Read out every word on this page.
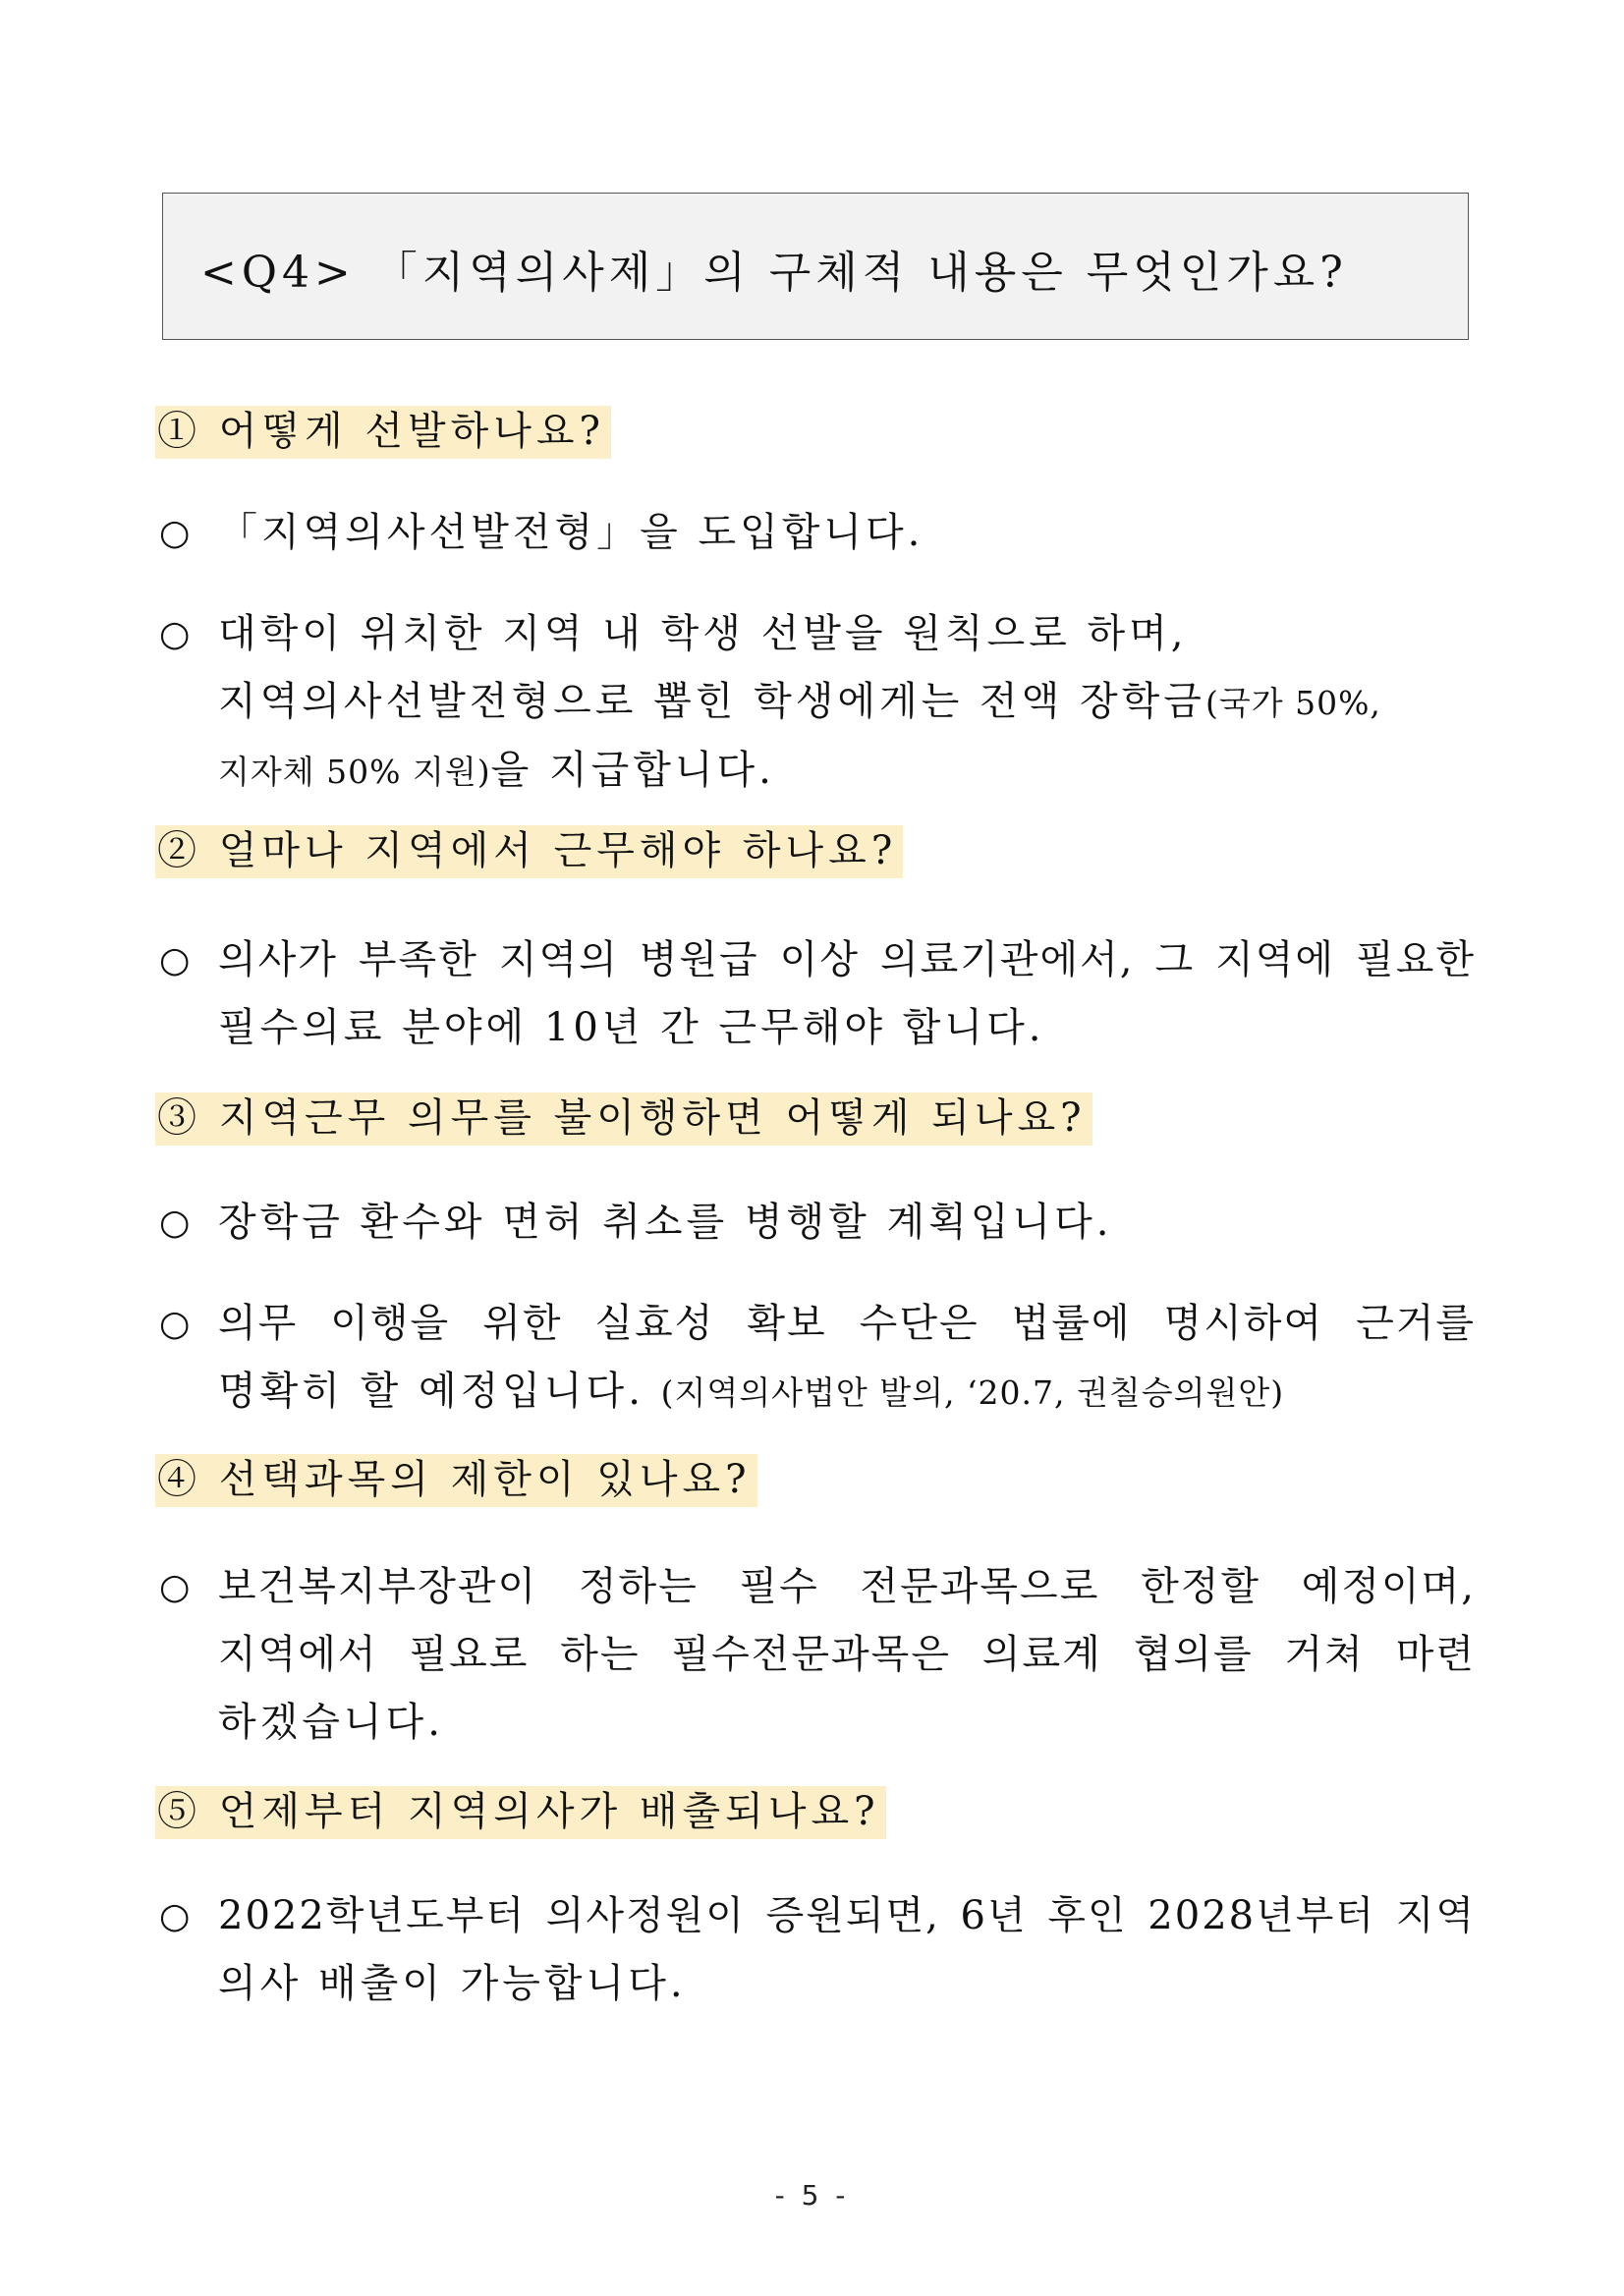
<Q4> 「지역의사제」의 구체적 내용은 무엇인가요?
① 어떻게 선발하나요?
○ 「지역의사선발전형」을 도입합니다.
○ 대학이 위치한 지역 내 학생 선발을 원칙으로 하며,
지역의사선발전형으로 뽑힌 학생에게는 전액 장학금(국가 50%,
지자체 50% 지원)을 지급합니다.
② 얼마나 지역에서 근무해야 하나요?
○ 의사가 부족한 지역의 병원급 이상 의료기관에서, 그 지역에 필요한
필수의료 분야에 10년 간 근무해야 합니다.
③ 지역근무 의무를 불이행하면 어떻게 되나요?
○ 장학금 환수와 면허 취소를 병행할 계획입니다.
○ 의무 이행을 위한 실효성 확보 수단은 법률에 명시하여 근거를
명확히 할 예정입니다. (지역의사법안 발의, ‘20.7, 권칠승의원안)
④ 선택과목의 제한이 있나요?
○ 보건복지부장관이 정하는 필수 전문과목으로 한정할 예정이며,
지역에서 필요로 하는 필수전문과목은 의료계 협의를 거쳐 마련
하겠습니다.
⑤ 언제부터 지역의사가 배출되나요?
○ 2022학년도부터 의사정원이 증원되면, 6년 후인 2028년부터 지역
의사 배출이 가능합니다.
- 5 -
